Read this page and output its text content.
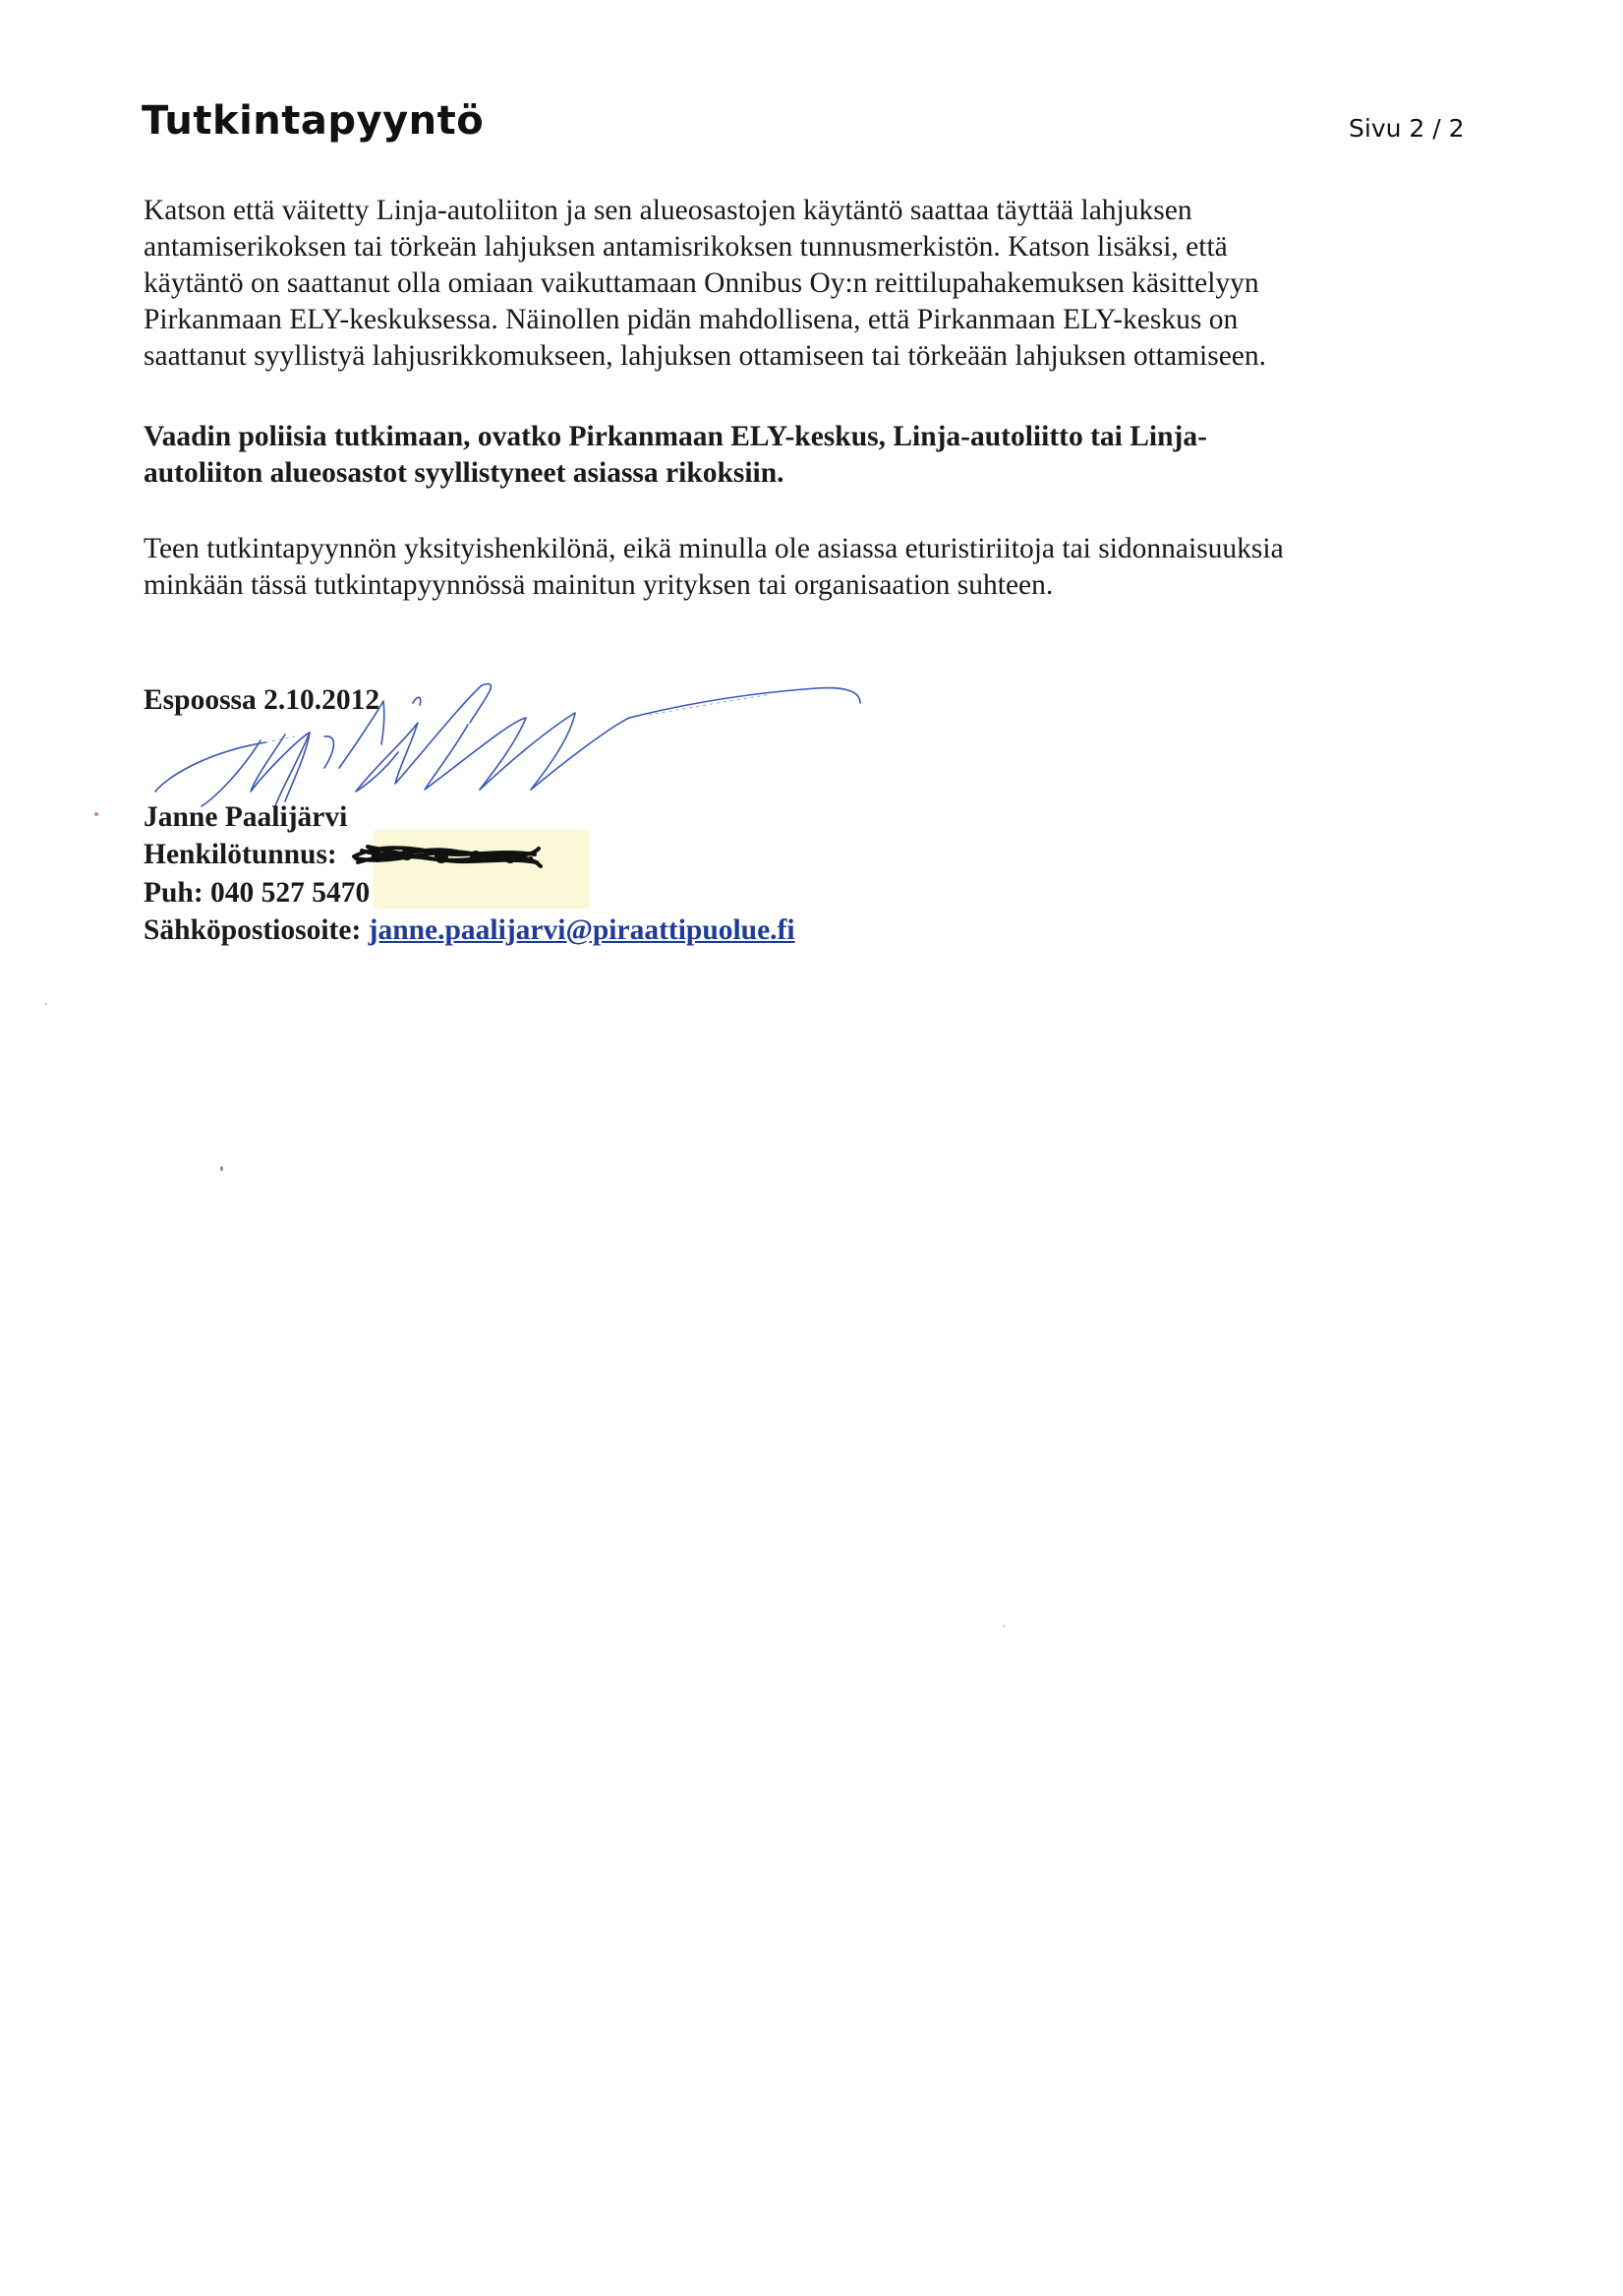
Tutkintapyyntö	Sivu 2 / 2
Katson että väitetty Linja-autoliiton ja sen alueosastojen käytäntö saattaa täyttää lahjuksen
antamiserikoksen tai törkeän lahjuksen antamisrikoksen tunnusmerkistön. Katson lisäksi, että
käytäntö on saattanut olla omiaan vaikuttamaan Onnibus Oy:n reittilupahakemuksen käsittelyyn
Pirkanmaan ELY-keskuksessa. Näinollen pidän mahdollisena, että Pirkanmaan ELY-keskus on
saattanut syyllistyä lahjusrikkomukseen, lahjuksen ottamiseen tai törkeään lahjuksen ottamiseen.
Vaadin poliisia tutkimaan, ovatko Pirkanmaan ELY-keskus, Linja-autoliitto tai Linja-
autoliiton alueosastot syyllistyneet asiassa rikoksiin.
Teen tutkintapyynnön yksityishenkilönä, eikä minulla ole asiassa eturistiriitoja tai sidonnaisuuksia
minkään tässä tutkintapyynnössä mainitun yrityksen tai organisaation suhteen.
Espoossa 2.10.2012
Janne Paalijärvi
Henkilötunnus:
Puh: 040 527 5470
Sähköpostiosoite: janne.paalijarvi@piraattipuolue.fi
